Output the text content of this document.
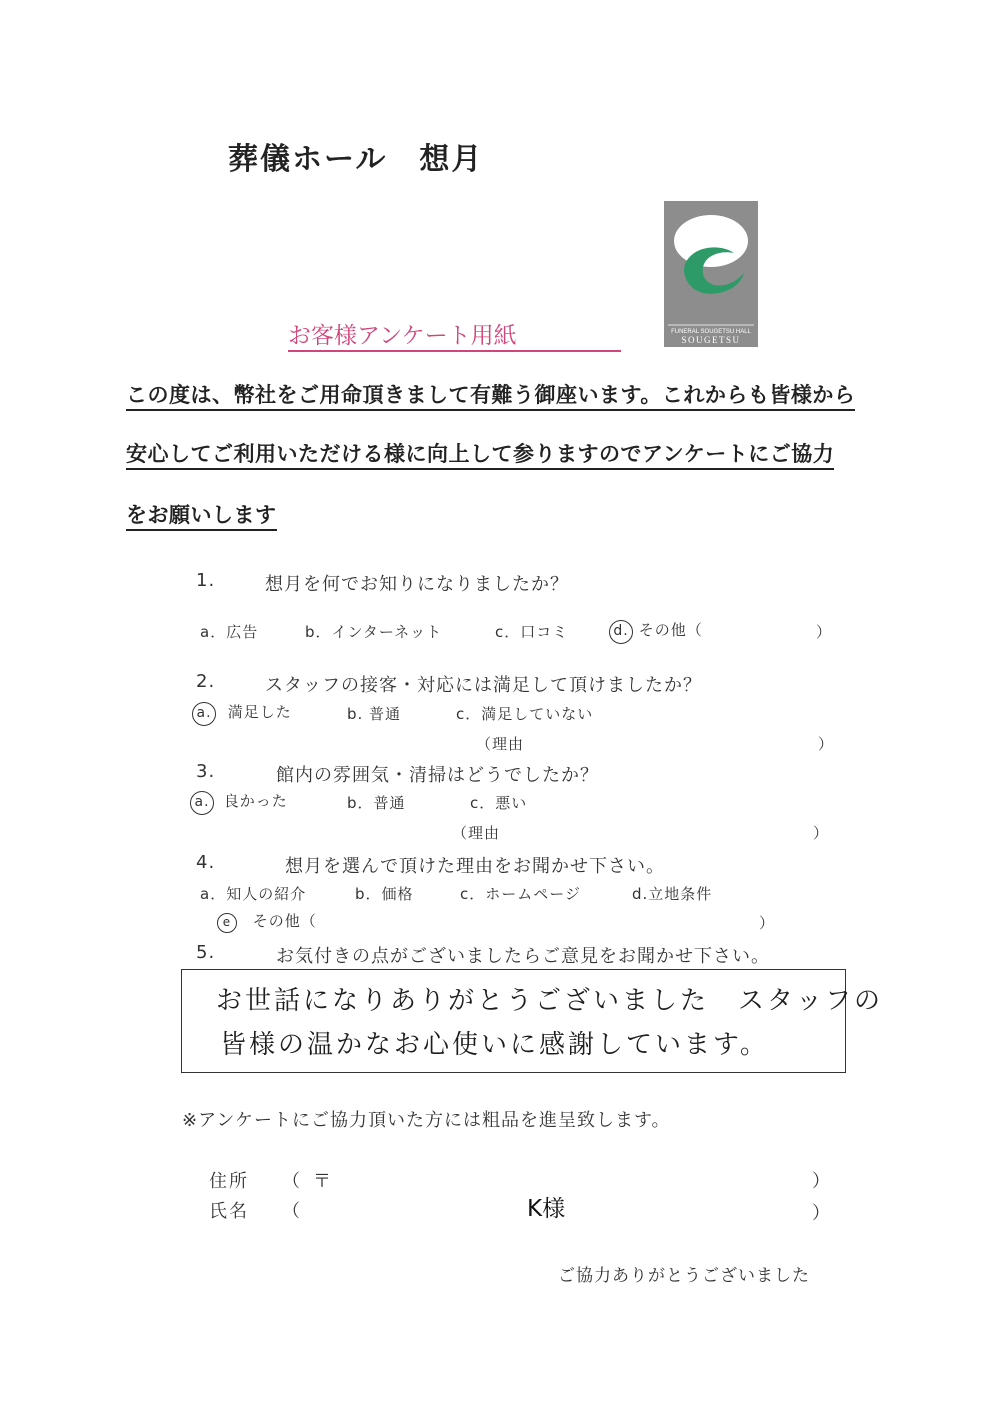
葬儀ホール　想月
FUNERAL SOUGETSU HALL
SOUGETSU
お客様アンケート用紙
この度は、幣社をご用命頂きまして有難う御座います。これからも皆様から
安心してご利用いただける様に向上して参りますのでアンケートにご協力
をお願いします
1.	想月を何でお知りになりましたか？
a．広告	b．インターネット	c．口コミ	d. その他（	）
2.	スタッフの接客・対応には満足して頂けましたか？
a. 満足した	b. 普通	c．満足していない
（理由	）
3.	館内の雰囲気・清掃はどうでしたか？
a. 良かった	b．普通	c．悪い
（理由	）
4.	想月を選んで頂けた理由をお聞かせ下さい。
a．知人の紹介	b．価格	c．ホームページ	d.立地条件
e その他（	）
5.	お気付きの点がございましたらご意見をお聞かせ下さい。
お世話になりありがとうございました　スタッフの
皆様の温かなお心使いに感謝しています。
※アンケートにご協力頂いた方には粗品を進呈致します。
住所 （ 〒	）
氏名 （	K様	）
ご協力ありがとうございました
